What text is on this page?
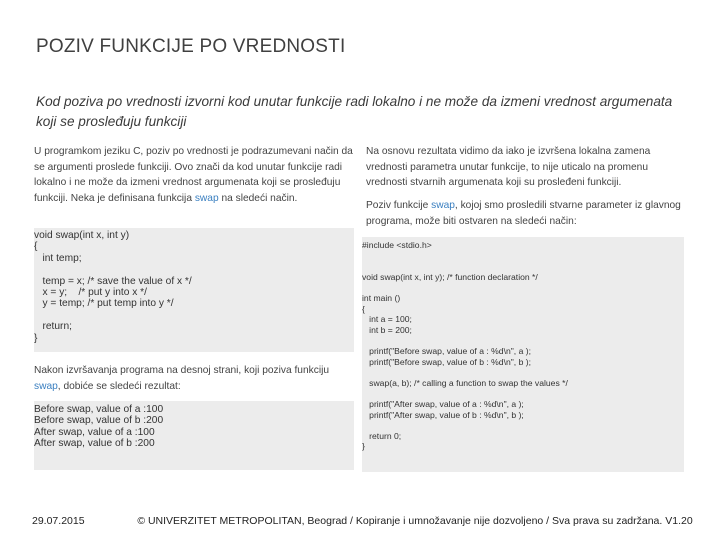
POZIV FUNKCIJE PO VREDNOSTI
Kod poziva po vrednosti izvorni kod unutar funkcije radi lokalno i ne može da izmeni vrednost argumenata koji se prosleđuju funkciji
U programkom jeziku C, poziv po vrednosti je podrazumevani način da se argumenti proslede funkciji. Ovo znači da kod unutar funkcije radi lokalno i ne može da izmeni vrednost argumenata koji se prosleđuju funkciji. Neka je definisana funkcija swap na sledeći način.
void swap(int x, int y)
{
int temp;

temp = x; /* save the value of x */
x = y;    /* put y into x */
y = temp; /* put temp into y */

return;
}
Nakon izvršavanja programa na desnoj strani, koji poziva funkciju swap, dobiće se sledeći rezultat:
Before swap, value of a :100
Before swap, value of b :200
After swap, value of a :100
After swap, value of b :200
Na osnovu rezultata vidimo da iako je izvršena lokalna zamena vrednosti parametra unutar funkcije, to nije uticalo na promenu vrednosti stvarnih argumenata koji su prosleđeni funkciji.
Poziv funkcije swap, kojoj smo prosledili stvarne parameter iz glavnog programa, može biti ostvaren na sledeći način:
#include <stdio.h>

void swap(int x, int y); /* function declaration */

int main ()
{
int a = 100;
int b = 200;

printf("Before swap, value of a : %d\n", a );
printf("Before swap, value of b : %d\n", b );

swap(a, b); /* calling a function to swap the values */

printf("After swap, value of a : %d\n", a );
printf("After swap, value of b : %d\n", b );

return 0;
}
29.07.2015	© UNIVERZITET METROPOLITAN, Beograd / Kopiranje i umnožavanje nije dozvoljeno / Sva prava su zadržana. V1.20
